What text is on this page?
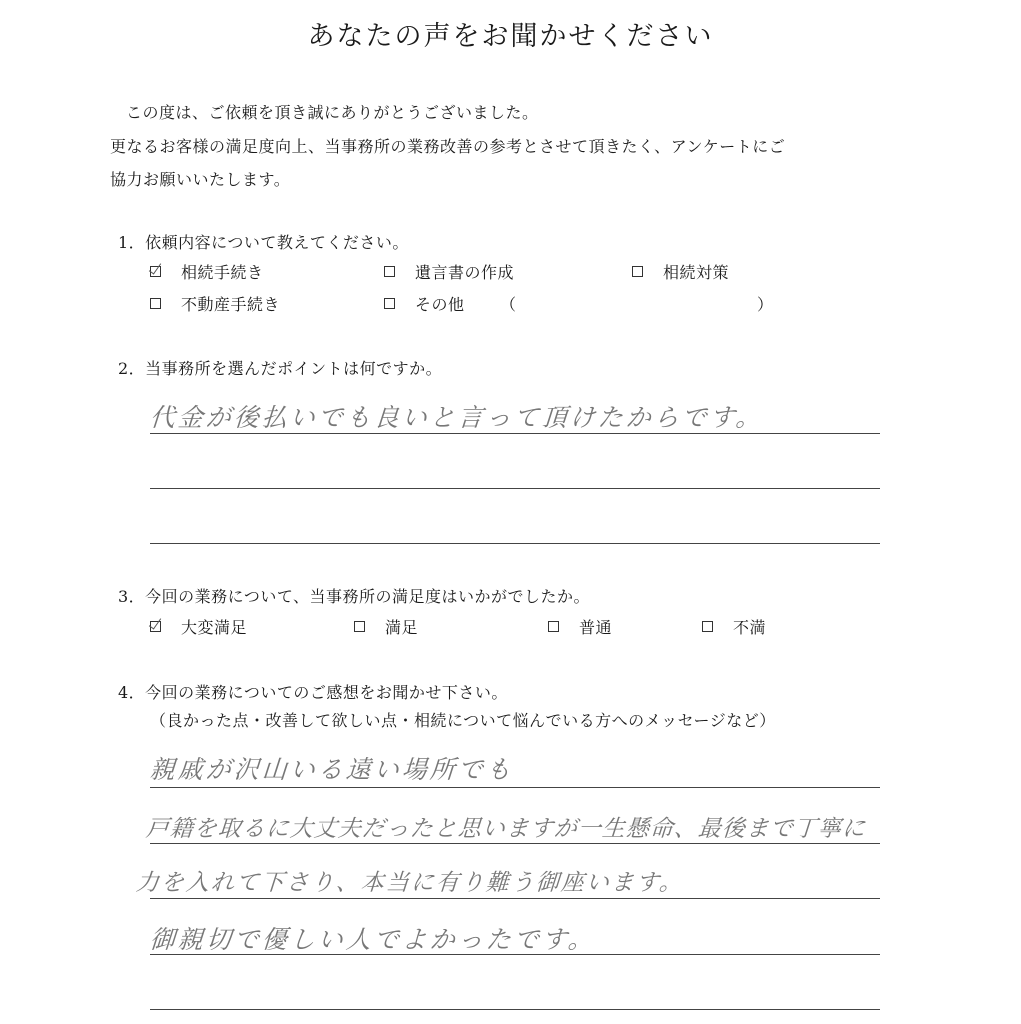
あなたの声をお聞かせください
この度は、ご依頼を頂き誠にありがとうございました。
更なるお客様の満足度向上、当事務所の業務改善の参考とさせて頂きたく、アンケートにご
協力お願いいたします。
1．依頼内容について教えてください。
相続手続き	遺言書の作成	相続対策
不動産手続き	その他 （	）
2．当事務所を選んだポイントは何ですか。
代金が後払いでも良いと言って頂けたからです。
3．今回の業務について、当事務所の満足度はいかがでしたか。
大変満足	満足	普通	不満
4．今回の業務についてのご感想をお聞かせ下さい。
（良かった点・改善して欲しい点・相続について悩んでいる方へのメッセージなど）
親戚が沢山いる遠い場所でも
戸籍を取るに大丈夫だったと思いますが一生懸命、最後まで丁寧に
力を入れて下さり、本当に有り難う御座います。
御親切で優しい人でよかったです。
